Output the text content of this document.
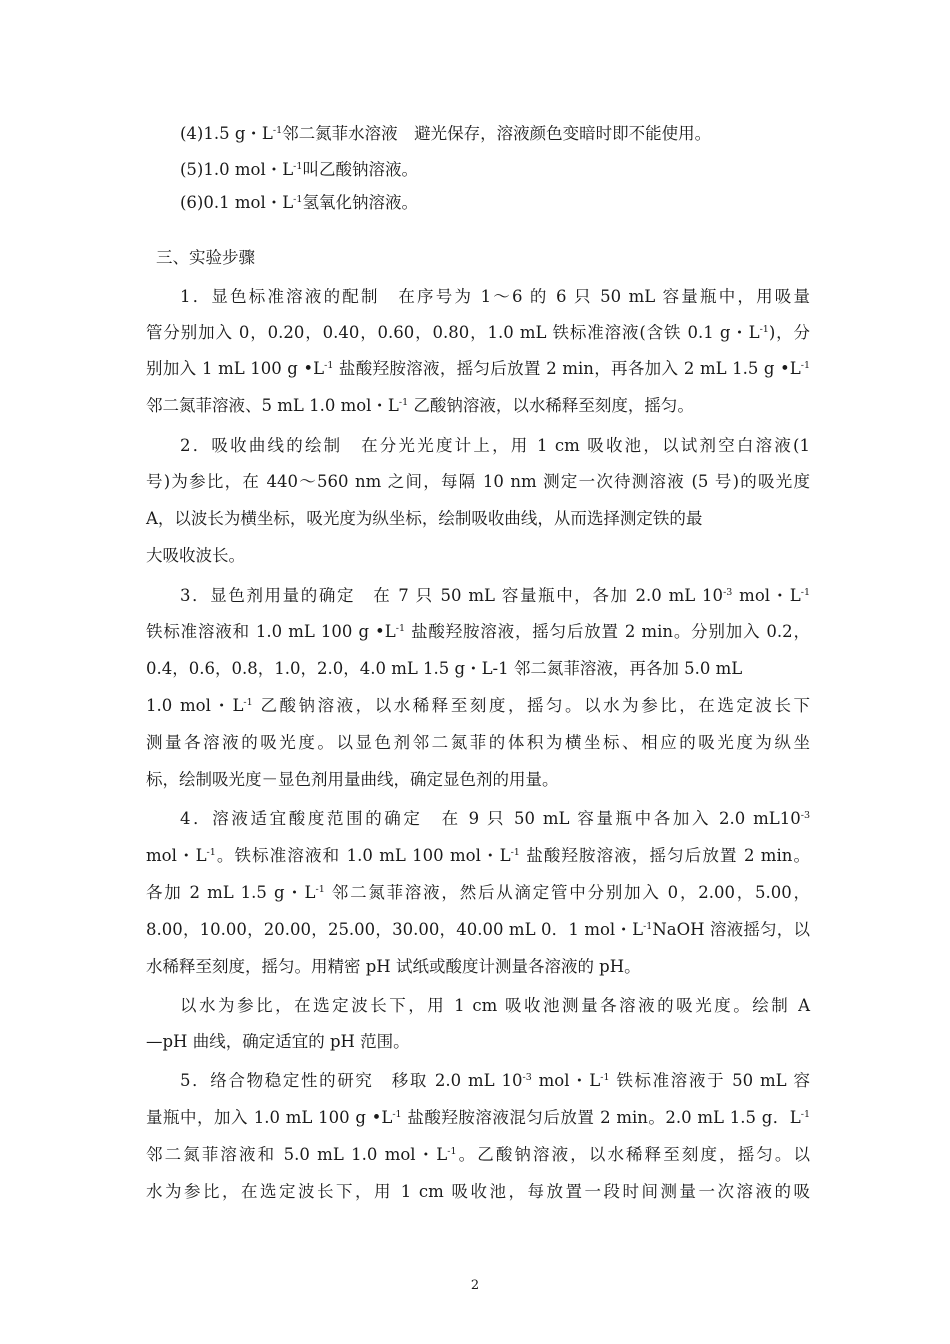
(4)1.5 g・$L^{-1}$邻二氮菲水溶液　避光保存，溶液颜色变暗时即不能使用。
(5)1.0 mol・$L^{-1}$叫乙酸钠溶液。
(6)0.1 mol・$L^{-1}$氢氧化钠溶液。
三、实验步骤
1．显色标准溶液的配制　在序号为 1～6 的 6 只 50 mL 容量瓶中，用吸量
管分别加入 0，0.20，0.40，0.60，0.80，1.0 mL 铁标准溶液(含铁 0.1 g・$L^{-1}$)，分
别加入 1 mL 100 g $•L^{-1}$ 盐酸羟胺溶液，摇匀后放置 2 min，再各加入 2 mL 1.5 g $•L^{-1}$
邻二氮菲溶液、5 mL 1.0 mol・$L^{-1}$ 乙酸钠溶液，以水稀释至刻度，摇匀。
2．吸收曲线的绘制　在分光光度计上，用 1 cm 吸收池，以试剂空白溶液(1
号)为参比，在 440～560 nm 之间，每隔 10 nm 测定一次待测溶液 (5 号)的吸光度
A，以波长为横坐标，吸光度为纵坐标，绘制吸收曲线，从而选择测定铁的最
大吸收波长。
3．显色剂用量的确定　在 7 只 50 mL 容量瓶中，各加 2.0 mL $10^{-3}$ mol・$L^{-1}$
铁标准溶液和 1.0 mL 100 g $•L^{-1}$ 盐酸羟胺溶液，摇匀后放置 2 min。分别加入 0.2，
0.4，0.6，0.8，1.0，2.0，4.0 mL 1.5 g・L-1 邻二氮菲溶液，再各加 5.0 mL
1.0 mol・$L^{-1}$ 乙酸钠溶液，以水稀释至刻度，摇匀。以水为参比，在选定波长下
测量各溶液的吸光度。以显色剂邻二氮菲的体积为横坐标、相应的吸光度为纵坐
标，绘制吸光度－显色剂用量曲线，确定显色剂的用量。
4．溶液适宜酸度范围的确定　在 9 只 50 mL 容量瓶中各加入 2.0 $mL10^{-3}$
mol・$L^{-1}$。铁标准溶液和 1.0 mL 100 mol・$L^{-1}$ 盐酸羟胺溶液，摇匀后放置 2 min。
各加 2 mL 1.5 g・$L^{-1}$ 邻二氮菲溶液，然后从滴定管中分别加入 0，2.00，5.00，
8.00，10.00，20.00，25.00，30.00，40.00 mL 0．1 mol・$L^{-1}NaOH$ 溶液摇匀，以
水稀释至刻度，摇匀。用精密 pH 试纸或酸度计测量各溶液的 pH。
以水为参比，在选定波长下，用 1 cm 吸收池测量各溶液的吸光度。绘制 A
—pH 曲线，确定适宜的 pH 范围。
5．络合物稳定性的研究　移取 2.0 mL $10^{-3}$ mol・$L^{-1}$ 铁标准溶液于 50 mL 容
量瓶中，加入 1.0 mL 100 g $•L^{-1}$ 盐酸羟胺溶液混匀后放置 2 min。2.0 mL 1.5 g．$L^{-1}$
邻二氮菲溶液和 5.0 mL 1.0 mol・$L^{-1}$。乙酸钠溶液，以水稀释至刻度，摇匀。以
水为参比，在选定波长下，用 1 cm 吸收池，每放置一段时间测量一次溶液的吸
2
